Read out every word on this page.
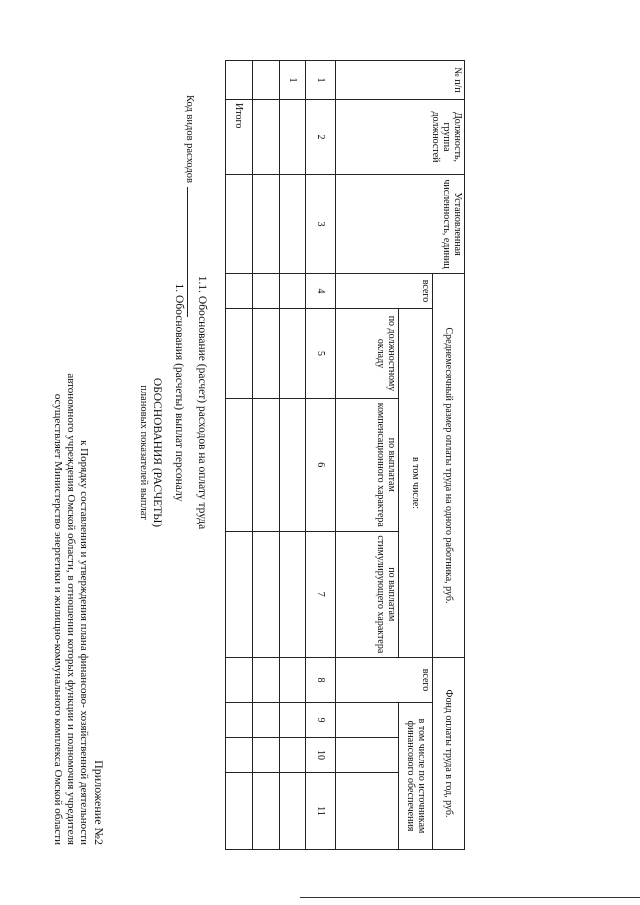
Приложение №2
к Порядку составления и утверждения плана финансово- хозяйственной деятельности
автономного учреждения Омской области, в отношении которых функции и полномочия учредителя
осуществляет Министерство энергетики и жилищно-коммунального комплекса Омской области	ОБОСНОВАНИЯ (РАСЧЕТЫ)
плановых показателей выплат
Код видов расходов
1. Обоснования (расчеты) выплат персоналу 1.1. Обоснование (расчет) расходов на оплату труда
№ п/п	Должность, группа должностей	Установленная численность, единиц	Среднемесячный размер оплаты труда на одного работника, руб.				Фонд оплаты труда в год, руб.			
			всего	в том числе:			всего	в том числе по источникам финансового обеспечения		
				по должностному окладу	по выплатам компенсационного характера	по выплатам стимулирующего характера				
1	2	3	4	5	6	7	8	9	10	11
1										

	Итого									
